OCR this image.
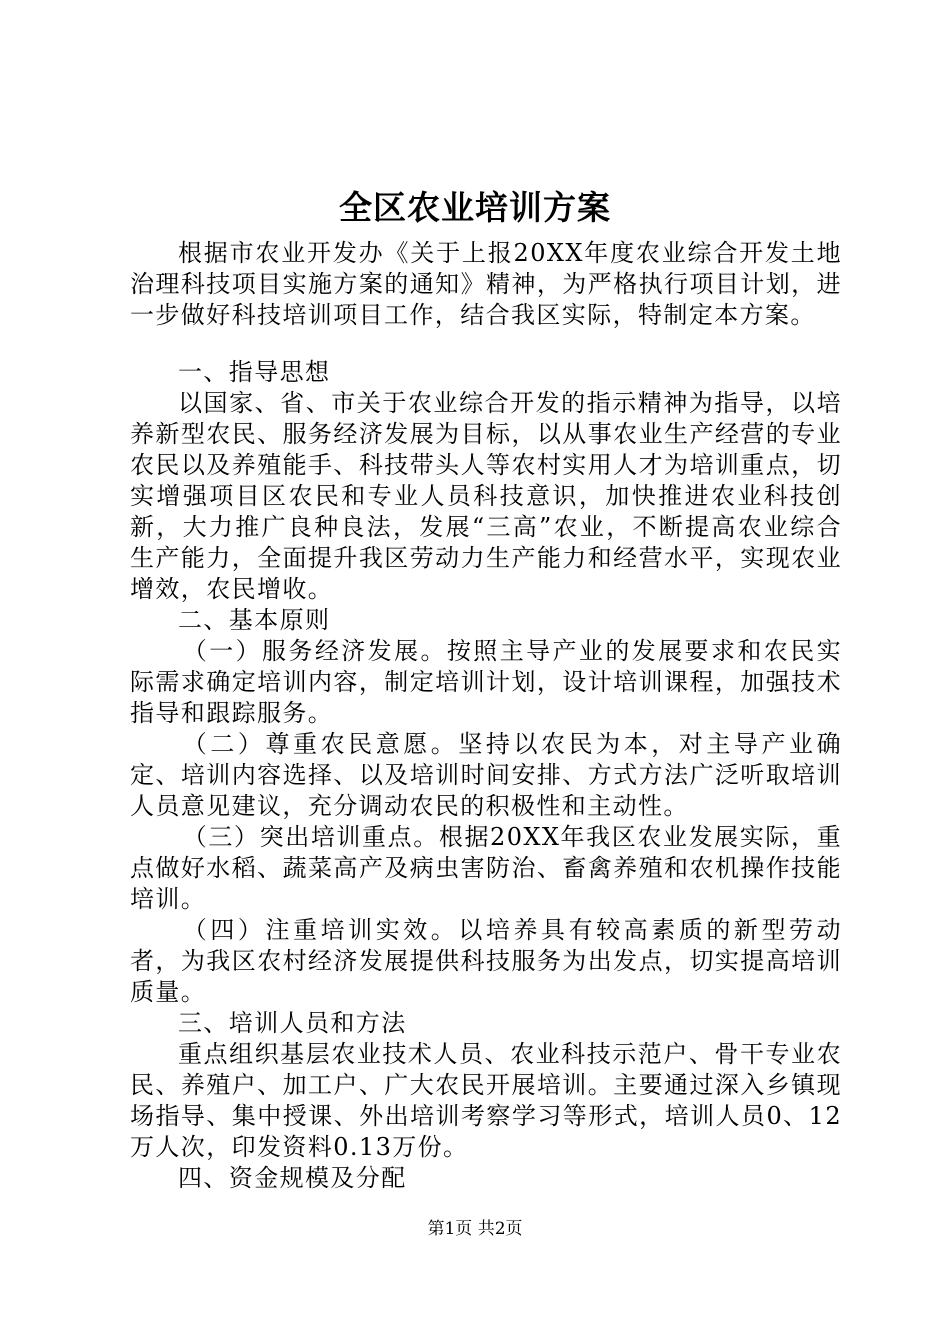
全区农业培训方案

根据市农业开发办《关于上报20XX年度农业综合开发土地治理科技项目实施方案的通知》精神，为严格执行项目计划，进一步做好科技培训项目工作，结合我区实际，特制定本方案。

一、指导思想

以国家、省、市关于农业综合开发的指示精神为指导，以培养新型农民、服务经济发展为目标，以从事农业生产经营的专业农民以及养殖能手、科技带头人等农村实用人才为培训重点，切实增强项目区农民和专业人员科技意识，加快推进农业科技创新，大力推广良种良法，发展“三高”农业，不断提高农业综合生产能力，全面提升我区劳动力生产能力和经营水平，实现农业增效，农民增收。

二、基本原则

（一）服务经济发展。按照主导产业的发展要求和农民实际需求确定培训内容，制定培训计划，设计培训课程，加强技术指导和跟踪服务。

（二）尊重农民意愿。坚持以农民为本，对主导产业确定、培训内容选择、以及培训时间安排、方式方法广泛听取培训人员意见建议，充分调动农民的积极性和主动性。

（三）突出培训重点。根据20XX年我区农业发展实际，重点做好水稻、蔬菜高产及病虫害防治、畜禽养殖和农机操作技能培训。

（四）注重培训实效。以培养具有较高素质的新型劳动者，为我区农村经济发展提供科技服务为出发点，切实提高培训质量。

三、培训人员和方法

重点组织基层农业技术人员、农业科技示范户、骨干专业农民、养殖户、加工户、广大农民开展培训。主要通过深入乡镇现场指导、集中授课、外出培训考察学习等形式，培训人员0、12万人次，印发资料0.13万份。

四、资金规模及分配

第1页 共2页
